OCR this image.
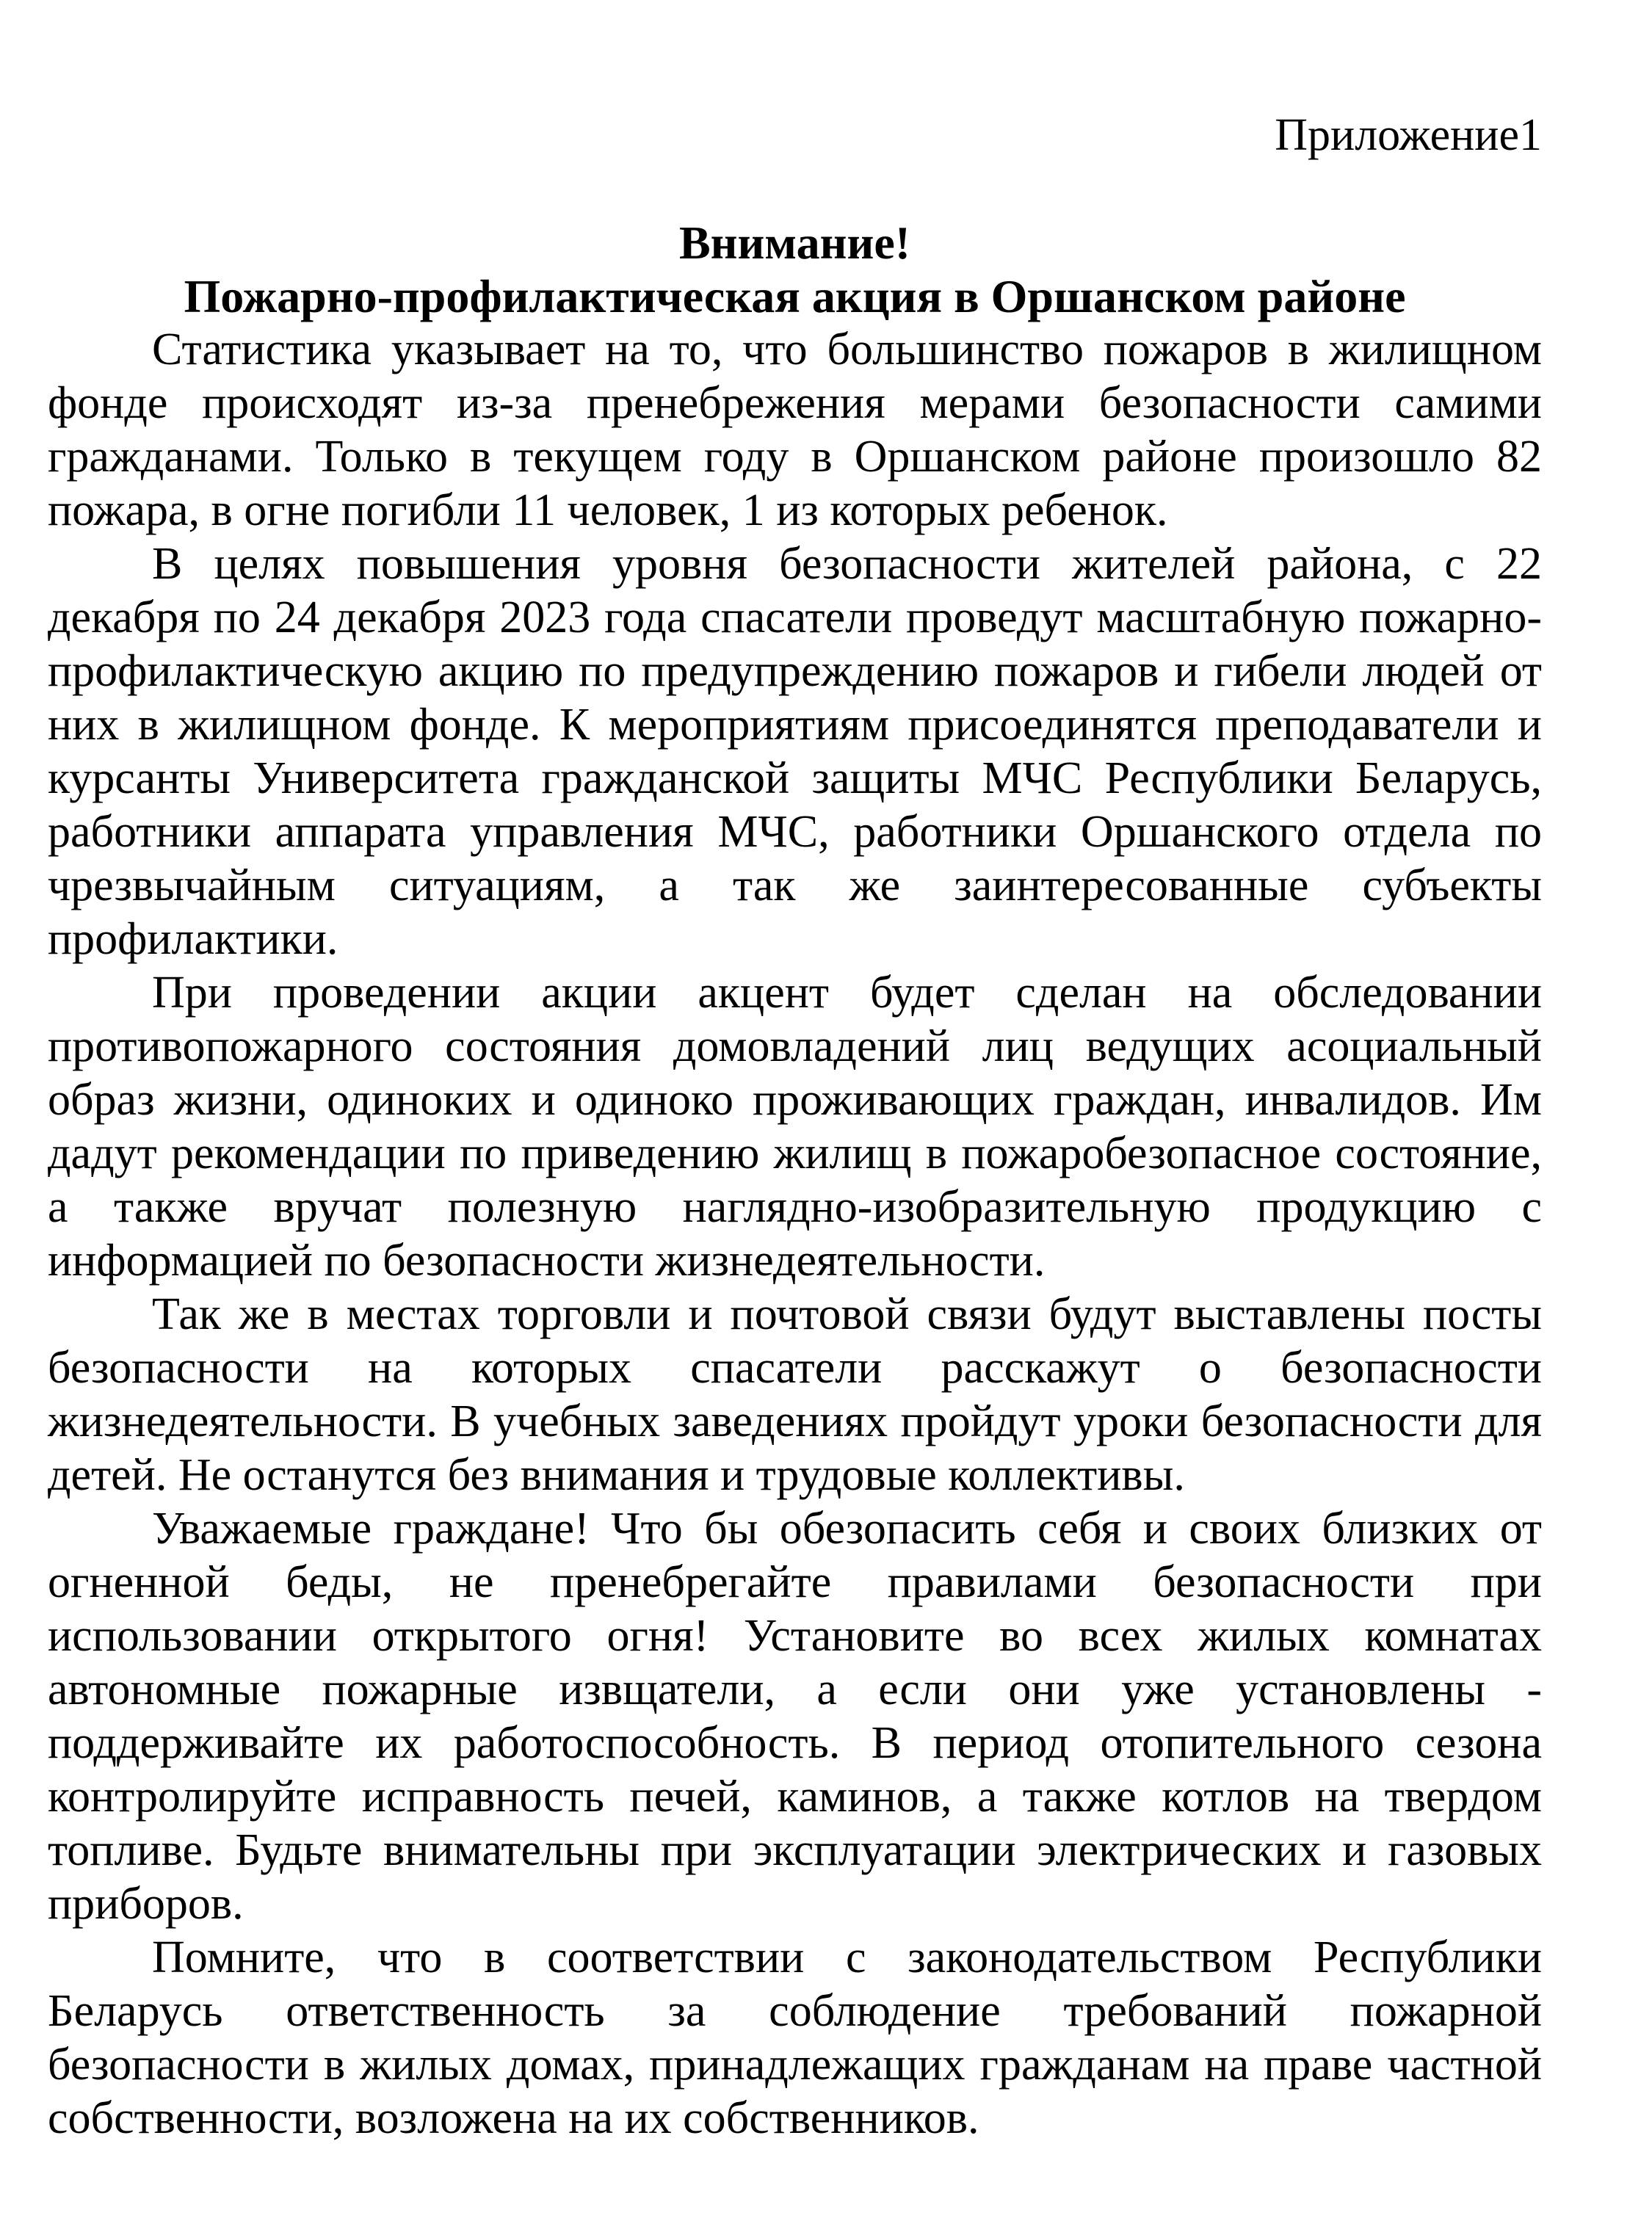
Приложение1
Внимание!
Пожарно-профилактическая акция в Оршанском районе

Статистика указывает на то, что большинство пожаров в жилищном фонде происходят из-за пренебрежения мерами безопасности самими гражданами. Только в текущем году в Оршанском районе произошло 82 пожара, в огне погибли 11 человек, 1 из которых ребенок.

В целях повышения уровня безопасности жителей района, с 22 декабря по 24 декабря 2023 года спасатели проведут масштабную пожарно-профилактическую акцию по предупреждению пожаров и гибели людей от них в жилищном фонде. К мероприятиям присоединятся преподаватели и курсанты Университета гражданской защиты МЧС Республики Беларусь, работники аппарата управления МЧС, работники Оршанского отдела по чрезвычайным ситуациям, а так же заинтересованные субъекты профилактики.

При проведении акции акцент будет сделан на обследовании противопожарного состояния домовладений лиц ведущих асоциальный образ жизни, одиноких и одиноко проживающих граждан, инвалидов. Им дадут рекомендации по приведению жилищ в пожаробезопасное состояние, а также вручат полезную наглядно-изобразительную продукцию с информацией по безопасности жизнедеятельности.

Так же в местах торговли и почтовой связи будут выставлены посты безопасности на которых спасатели расскажут о безопасности жизнедеятельности. В учебных заведениях пройдут уроки безопасности для детей. Не останутся без внимания и трудовые коллективы.

Уважаемые граждане! Что бы обезопасить себя и своих близких от огненной беды, не пренебрегайте правилами безопасности при использовании открытого огня! Установите во всех жилых комнатах автономные пожарные извщатели, а если они уже установлены - поддерживайте их работоспособность. В период отопительного сезона контролируйте исправность печей, каминов, а также котлов на твердом топливе. Будьте внимательны при эксплуатации электрических и газовых приборов.

Помните, что в соответствии с законодательством Республики Беларусь ответственность за соблюдение требований пожарной безопасности в жилых домах, принадлежащих гражданам на праве частной собственности, возложена на их собственников.
